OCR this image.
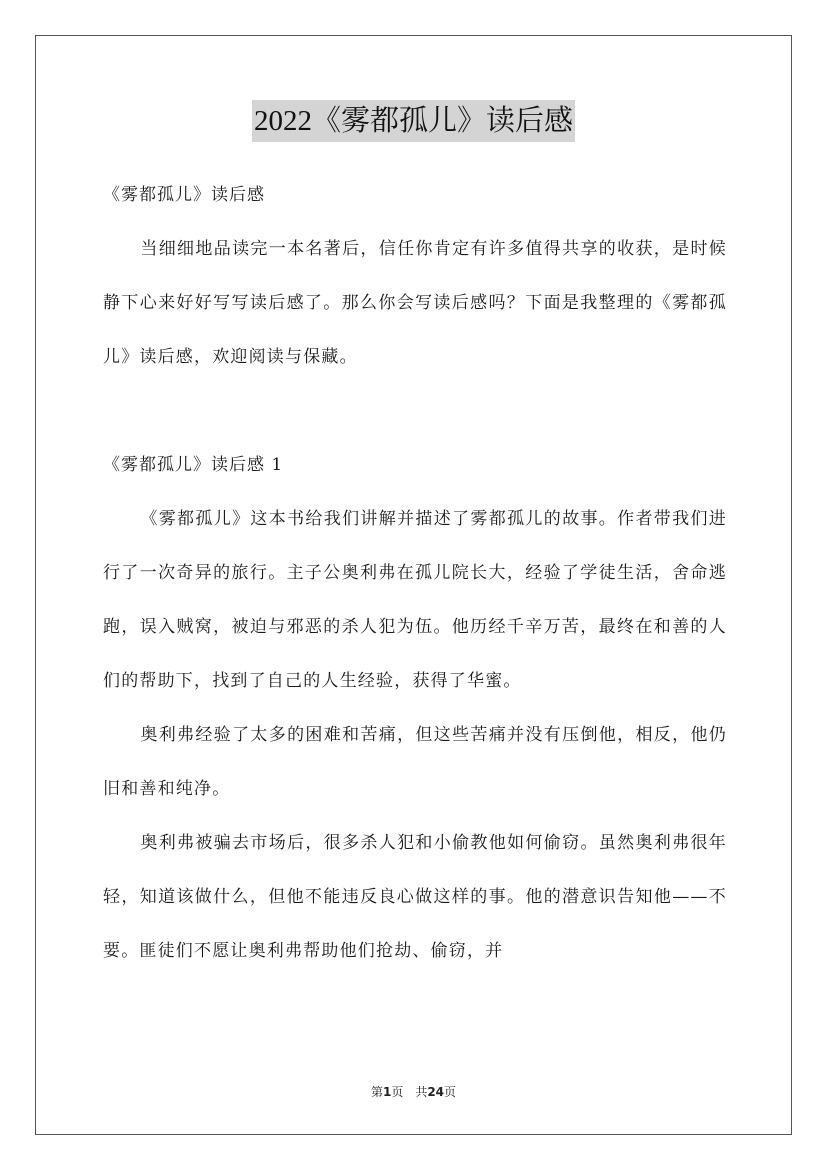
2022《雾都孤儿》读后感

《雾都孤儿》读后感

当细细地品读完一本名著后，信任你肯定有许多值得共享的收获，是时候静下心来好好写写读后感了。那么你会写读后感吗？下面是我整理的《雾都孤儿》读后感，欢迎阅读与保藏。

《雾都孤儿》读后感 1

《雾都孤儿》这本书给我们讲解并描述了雾都孤儿的故事。作者带我们进行了一次奇异的旅行。主子公奥利弗在孤儿院长大，经验了学徒生活，舍命逃跑，误入贼窝，被迫与邪恶的杀人犯为伍。他历经千辛万苦，最终在和善的人们的帮助下，找到了自己的人生经验，获得了华蜜。

奥利弗经验了太多的困难和苦痛，但这些苦痛并没有压倒他，相反，他仍旧和善和纯净。

奥利弗被骗去市场后，很多杀人犯和小偷教他如何偷窃。虽然奥利弗很年轻，知道该做什么，但他不能违反良心做这样的事。他的潜意识告知他——不要。匪徒们不愿让奥利弗帮助他们抢劫、偷窃，并

第1页　共24页
